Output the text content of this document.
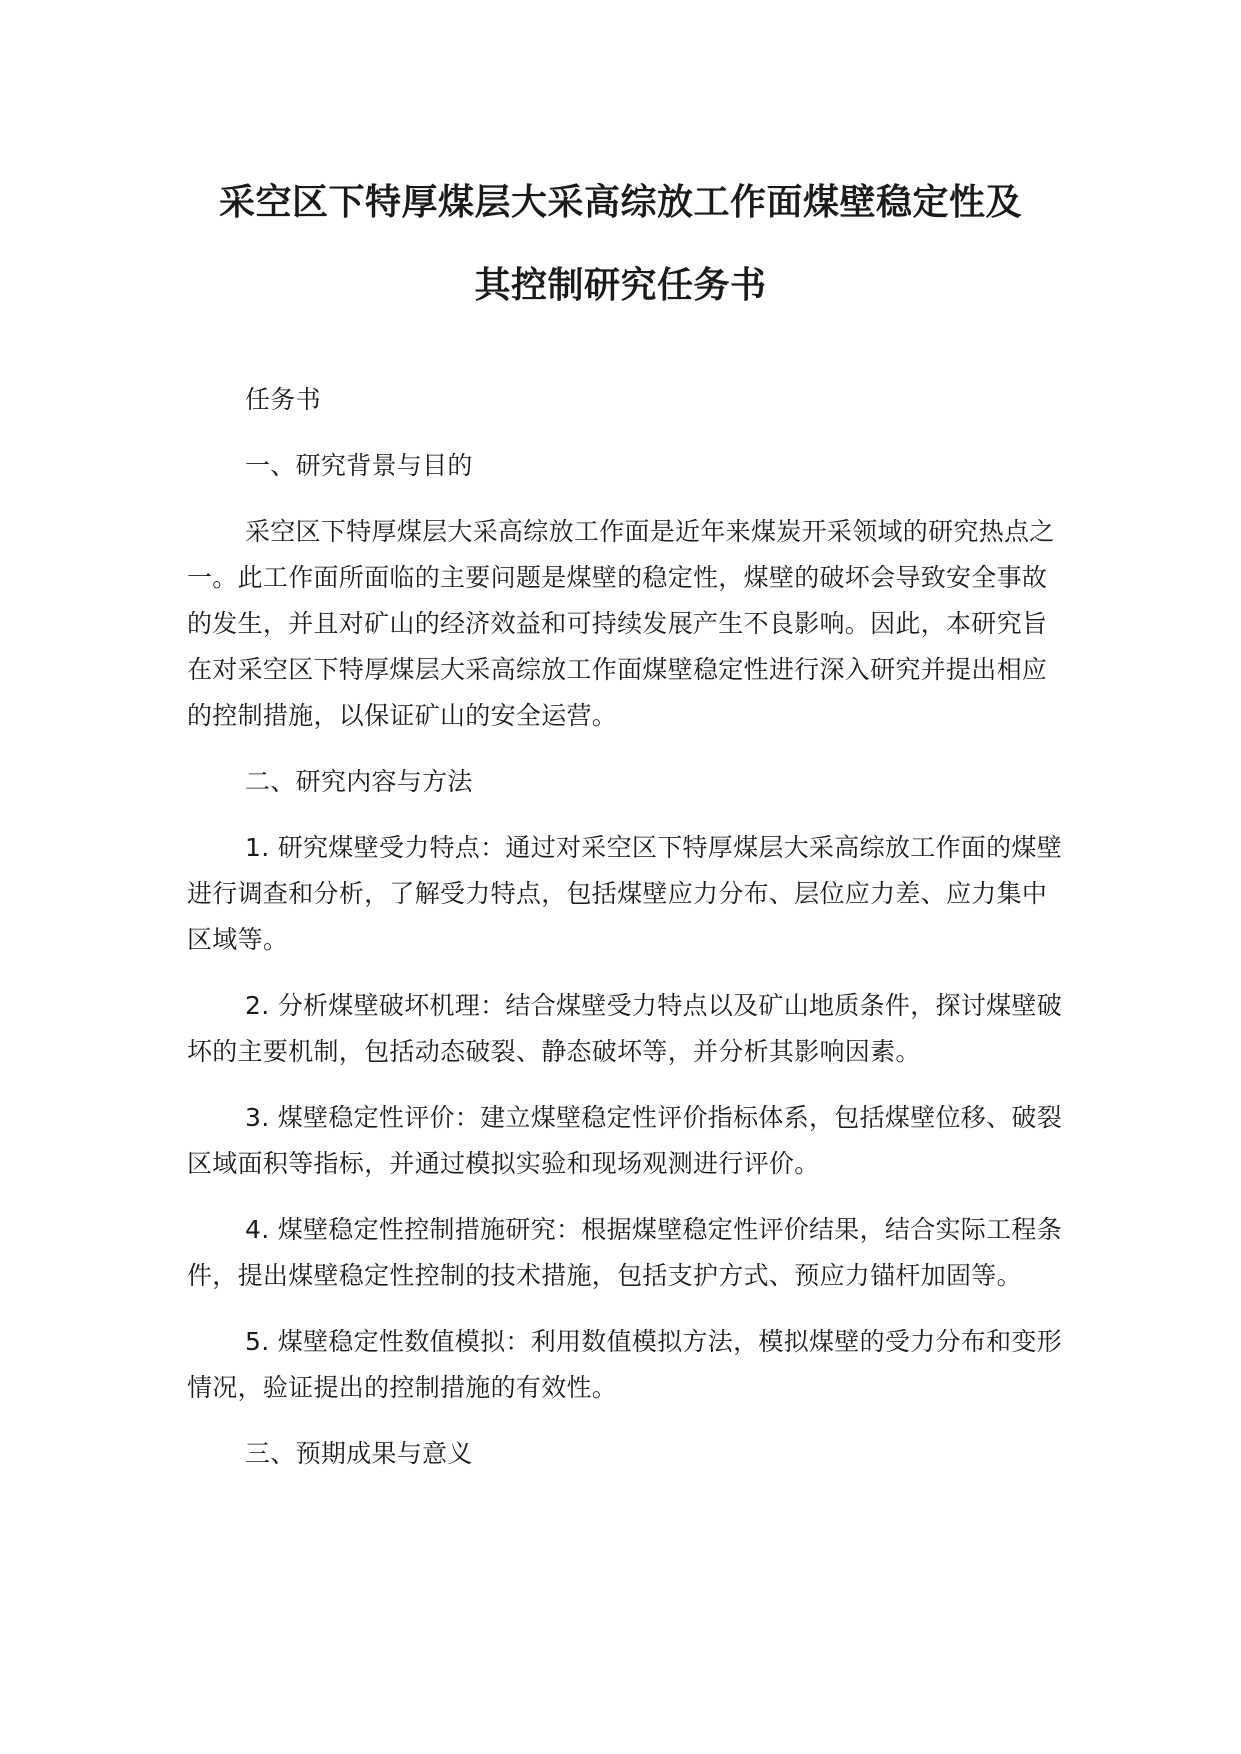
采空区下特厚煤层大采高综放工作面煤壁稳定性及
其控制研究任务书

任务书

一、研究背景与目的

采空区下特厚煤层大采高综放工作面是近年来煤炭开采领域的研究热点之一。此工作面所面临的主要问题是煤壁的稳定性，煤壁的破坏会导致安全事故的发生，并且对矿山的经济效益和可持续发展产生不良影响。因此，本研究旨在对采空区下特厚煤层大采高综放工作面煤壁稳定性进行深入研究并提出相应的控制措施，以保证矿山的安全运营。

二、研究内容与方法

1. 研究煤壁受力特点：通过对采空区下特厚煤层大采高综放工作面的煤壁进行调查和分析，了解受力特点，包括煤壁应力分布、层位应力差、应力集中区域等。

2. 分析煤壁破坏机理：结合煤壁受力特点以及矿山地质条件，探讨煤壁破坏的主要机制，包括动态破裂、静态破坏等，并分析其影响因素。

3. 煤壁稳定性评价：建立煤壁稳定性评价指标体系，包括煤壁位移、破裂区域面积等指标，并通过模拟实验和现场观测进行评价。

4. 煤壁稳定性控制措施研究：根据煤壁稳定性评价结果，结合实际工程条件，提出煤壁稳定性控制的技术措施，包括支护方式、预应力锚杆加固等。

5. 煤壁稳定性数值模拟：利用数值模拟方法，模拟煤壁的受力分布和变形情况，验证提出的控制措施的有效性。

三、预期成果与意义
